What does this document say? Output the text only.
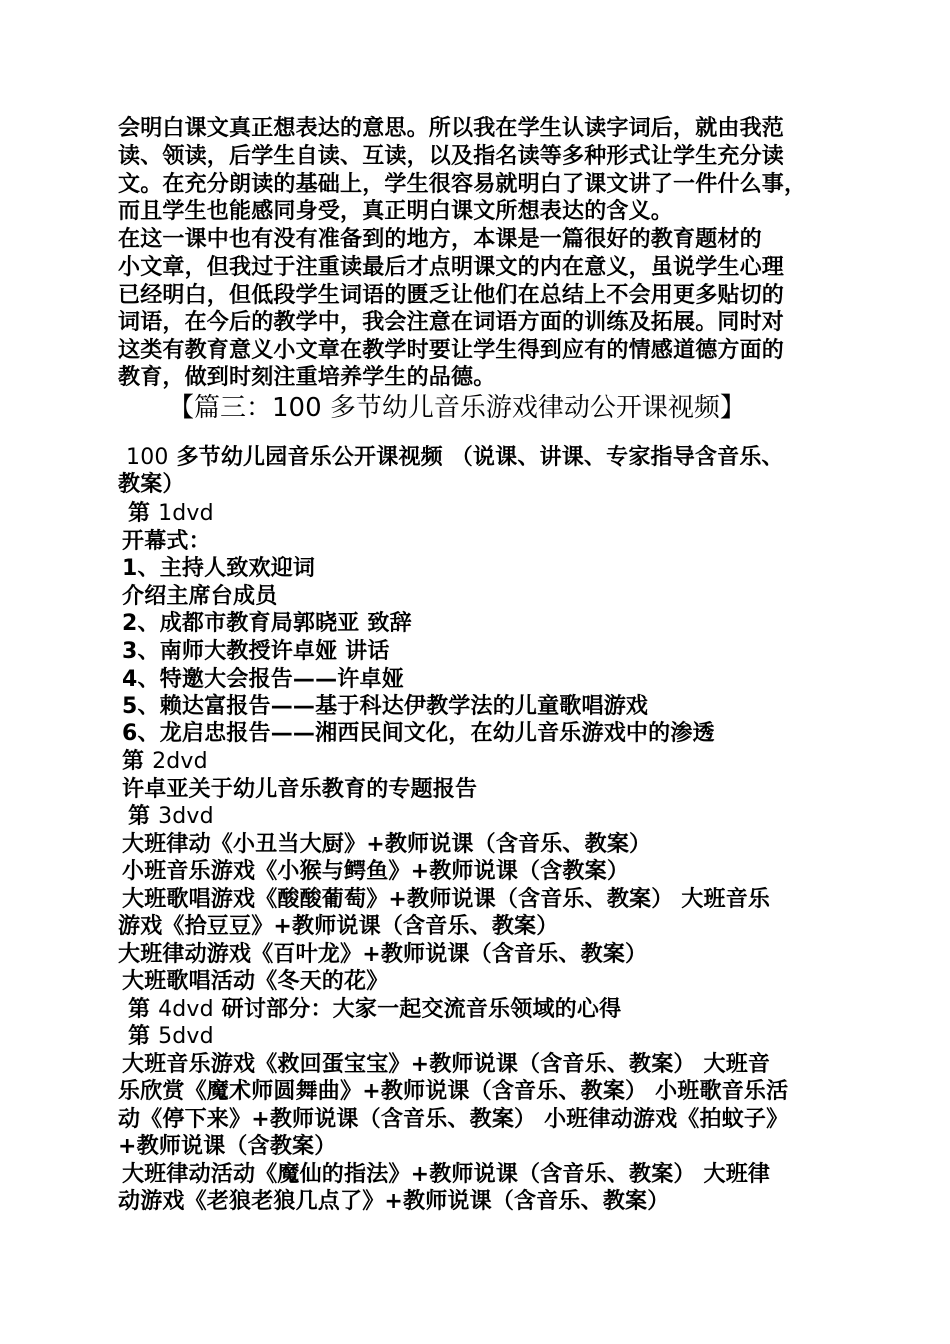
会明白课文真正想表达的意思。所以我在学生认读字词后，就由我范
读、领读，后学生自读、互读，以及指名读等多种形式让学生充分读
文。在充分朗读的基础上，学生很容易就明白了课文讲了一件什么事，
而且学生也能感同身受，真正明白课文所想表达的含义。
在这一课中也有没有准备到的地方，本课是一篇很好的教育题材的
小文章，但我过于注重读最后才点明课文的内在意义，虽说学生心理
已经明白，但低段学生词语的匮乏让他们在总结上不会用更多贴切的
词语，在今后的教学中，我会注意在词语方面的训练及拓展。同时对
这类有教育意义小文章在教学时要让学生得到应有的情感道德方面的
教育，做到时刻注重培养学生的品德。
【篇三：100 多节幼儿音乐游戏律动公开课视频】
100 多节幼儿园音乐公开课视频 （说课、讲课、专家指导含音乐、
教案）
第 1dvd
开幕式：
1、主持人致欢迎词
介绍主席台成员
2、成都市教育局郭晓亚 致辞
3、南师大教授许卓娅 讲话
4、特邀大会报告——许卓娅
5、赖达富报告——基于科达伊教学法的儿童歌唱游戏
6、龙启忠报告——湘西民间文化，在幼儿音乐游戏中的渗透
第 2dvd
许卓亚关于幼儿音乐教育的专题报告
第 3dvd
大班律动《小丑当大厨》+教师说课（含音乐、教案）
小班音乐游戏《小猴与鳄鱼》+教师说课（含教案）
大班歌唱游戏《酸酸葡萄》+教师说课（含音乐、教案） 大班音乐
游戏《拾豆豆》+教师说课（含音乐、教案）
大班律动游戏《百叶龙》+教师说课（含音乐、教案）
大班歌唱活动《冬天的花》
第 4dvd 研讨部分：大家一起交流音乐领域的心得
第 5dvd
大班音乐游戏《救回蛋宝宝》+教师说课（含音乐、教案） 大班音
乐欣赏《魔术师圆舞曲》+教师说课（含音乐、教案） 小班歌音乐活
动《停下来》+教师说课（含音乐、教案） 小班律动游戏《拍蚊子》
+教师说课（含教案）
大班律动活动《魔仙的指法》+教师说课（含音乐、教案） 大班律
动游戏《老狼老狼几点了》+教师说课（含音乐、教案）
